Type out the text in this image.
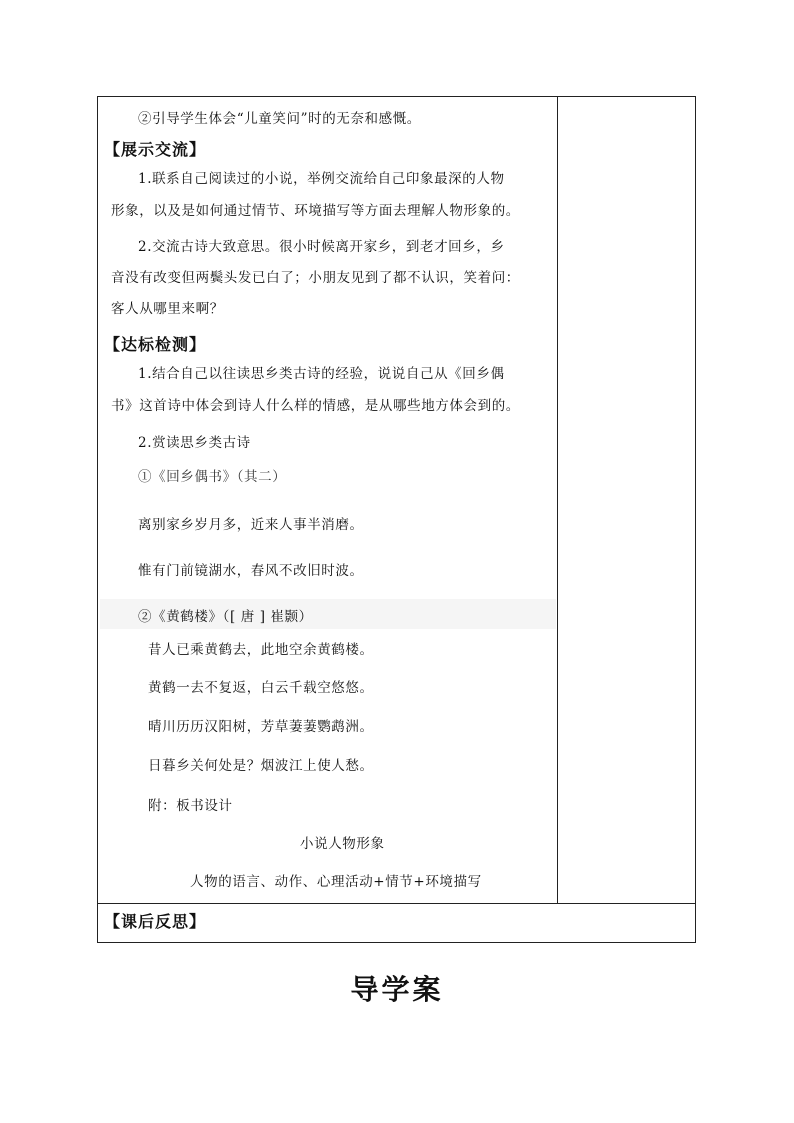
②引导学生体会“儿童笑问”时的无奈和感慨。
【展示交流】
1.联系自己阅读过的小说，举例交流给自己印象最深的人物
形象，以及是如何通过情节、环境描写等方面去理解人物形象的。
2.交流古诗大致意思。很小时候离开家乡，到老才回乡，乡
音没有改变但两鬓头发已白了；小朋友见到了都不认识，笑着问：
客人从哪里来啊？
【达标检测】
1.结合自己以往读思乡类古诗的经验，说说自己从《回乡偶
书》这首诗中体会到诗人什么样的情感，是从哪些地方体会到的。
2.赏读思乡类古诗
①《回乡偶书》（其二）
离别家乡岁月多，近来人事半消磨。
惟有门前镜湖水，春风不改旧时波。
②《黄鹤楼》（[ 唐 ] 崔颢）
昔人已乘黄鹤去，此地空余黄鹤楼。
黄鹤一去不复返，白云千载空悠悠。
晴川历历汉阳树，芳草萋萋鹦鹉洲。
日暮乡关何处是？烟波江上使人愁。
附：板书设计
小说人物形象
人物的语言、动作、心理活动+情节+环境描写
【课后反思】
导学案
